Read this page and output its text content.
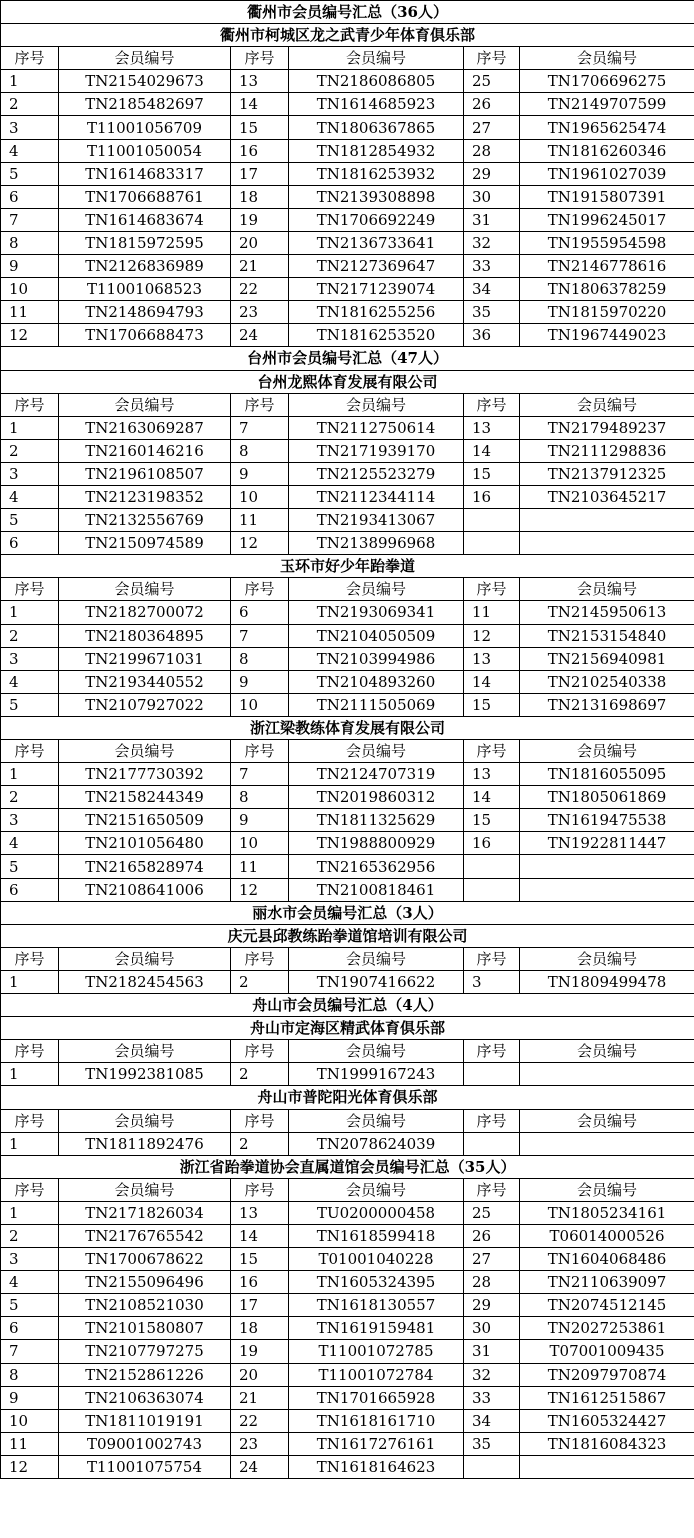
衢州市会员编号汇总（36人）					
衢州市柯城区龙之武青少年体育俱乐部					
序号	会员编号	序号	会员编号	序号	会员编号
1	TN2154029673	13	TN2186086805	25	TN1706696275
2	TN2185482697	14	TN1614685923	26	TN2149707599
3	T11001056709	15	TN1806367865	27	TN1965625474
4	T11001050054	16	TN1812854932	28	TN1816260346
5	TN1614683317	17	TN1816253932	29	TN1961027039
6	TN1706688761	18	TN2139308898	30	TN1915807391
7	TN1614683674	19	TN1706692249	31	TN1996245017
8	TN1815972595	20	TN2136733641	32	TN1955954598
9	TN2126836989	21	TN2127369647	33	TN2146778616
10	T11001068523	22	TN2171239074	34	TN1806378259
11	TN2148694793	23	TN1816255256	35	TN1815970220
12	TN1706688473	24	TN1816253520	36	TN1967449023
台州市会员编号汇总（47人）					
台州龙熙体育发展有限公司					
序号	会员编号	序号	会员编号	序号	会员编号
1	TN2163069287	7	TN2112750614	13	TN2179489237
2	TN2160146216	8	TN2171939170	14	TN2111298836
3	TN2196108507	9	TN2125523279	15	TN2137912325
4	TN2123198352	10	TN2112344114	16	TN2103645217
5	TN2132556769	11	TN2193413067		
6	TN2150974589	12	TN2138996968		
玉环市好少年跆拳道					
序号	会员编号	序号	会员编号	序号	会员编号
1	TN2182700072	6	TN2193069341	11	TN2145950613
2	TN2180364895	7	TN2104050509	12	TN2153154840
3	TN2199671031	8	TN2103994986	13	TN2156940981
4	TN2193440552	9	TN2104893260	14	TN2102540338
5	TN2107927022	10	TN2111505069	15	TN2131698697
浙江梁教练体育发展有限公司					
序号	会员编号	序号	会员编号	序号	会员编号
1	TN2177730392	7	TN2124707319	13	TN1816055095
2	TN2158244349	8	TN2019860312	14	TN1805061869
3	TN2151650509	9	TN1811325629	15	TN1619475538
4	TN2101056480	10	TN1988800929	16	TN1922811447
5	TN2165828974	11	TN2165362956		
6	TN2108641006	12	TN2100818461		
丽水市会员编号汇总（3人）					
庆元县邱教练跆拳道馆培训有限公司					
序号	会员编号	序号	会员编号	序号	会员编号
1	TN2182454563	2	TN1907416622	3	TN1809499478
舟山市会员编号汇总（4人）					
舟山市定海区精武体育俱乐部					
序号	会员编号	序号	会员编号	序号	会员编号
1	TN1992381085	2	TN1999167243		
舟山市普陀阳光体育俱乐部					
序号	会员编号	序号	会员编号	序号	会员编号
1	TN1811892476	2	TN2078624039		
浙江省跆拳道协会直属道馆会员编号汇总（35人）					
序号	会员编号	序号	会员编号	序号	会员编号
1	TN2171826034	13	TU0200000458	25	TN1805234161
2	TN2176765542	14	TN1618599418	26	T06014000526
3	TN1700678622	15	T01001040228	27	TN1604068486
4	TN2155096496	16	TN1605324395	28	TN2110639097
5	TN2108521030	17	TN1618130557	29	TN2074512145
6	TN2101580807	18	TN1619159481	30	TN2027253861
7	TN2107797275	19	T11001072785	31	T07001009435
8	TN2152861226	20	T11001072784	32	TN2097970874
9	TN2106363074	21	TN1701665928	33	TN1612515867
10	TN1811019191	22	TN1618161710	34	TN1605324427
11	T09001002743	23	TN1617276161	35	TN1816084323
12	T11001075754	24	TN1618164623		
